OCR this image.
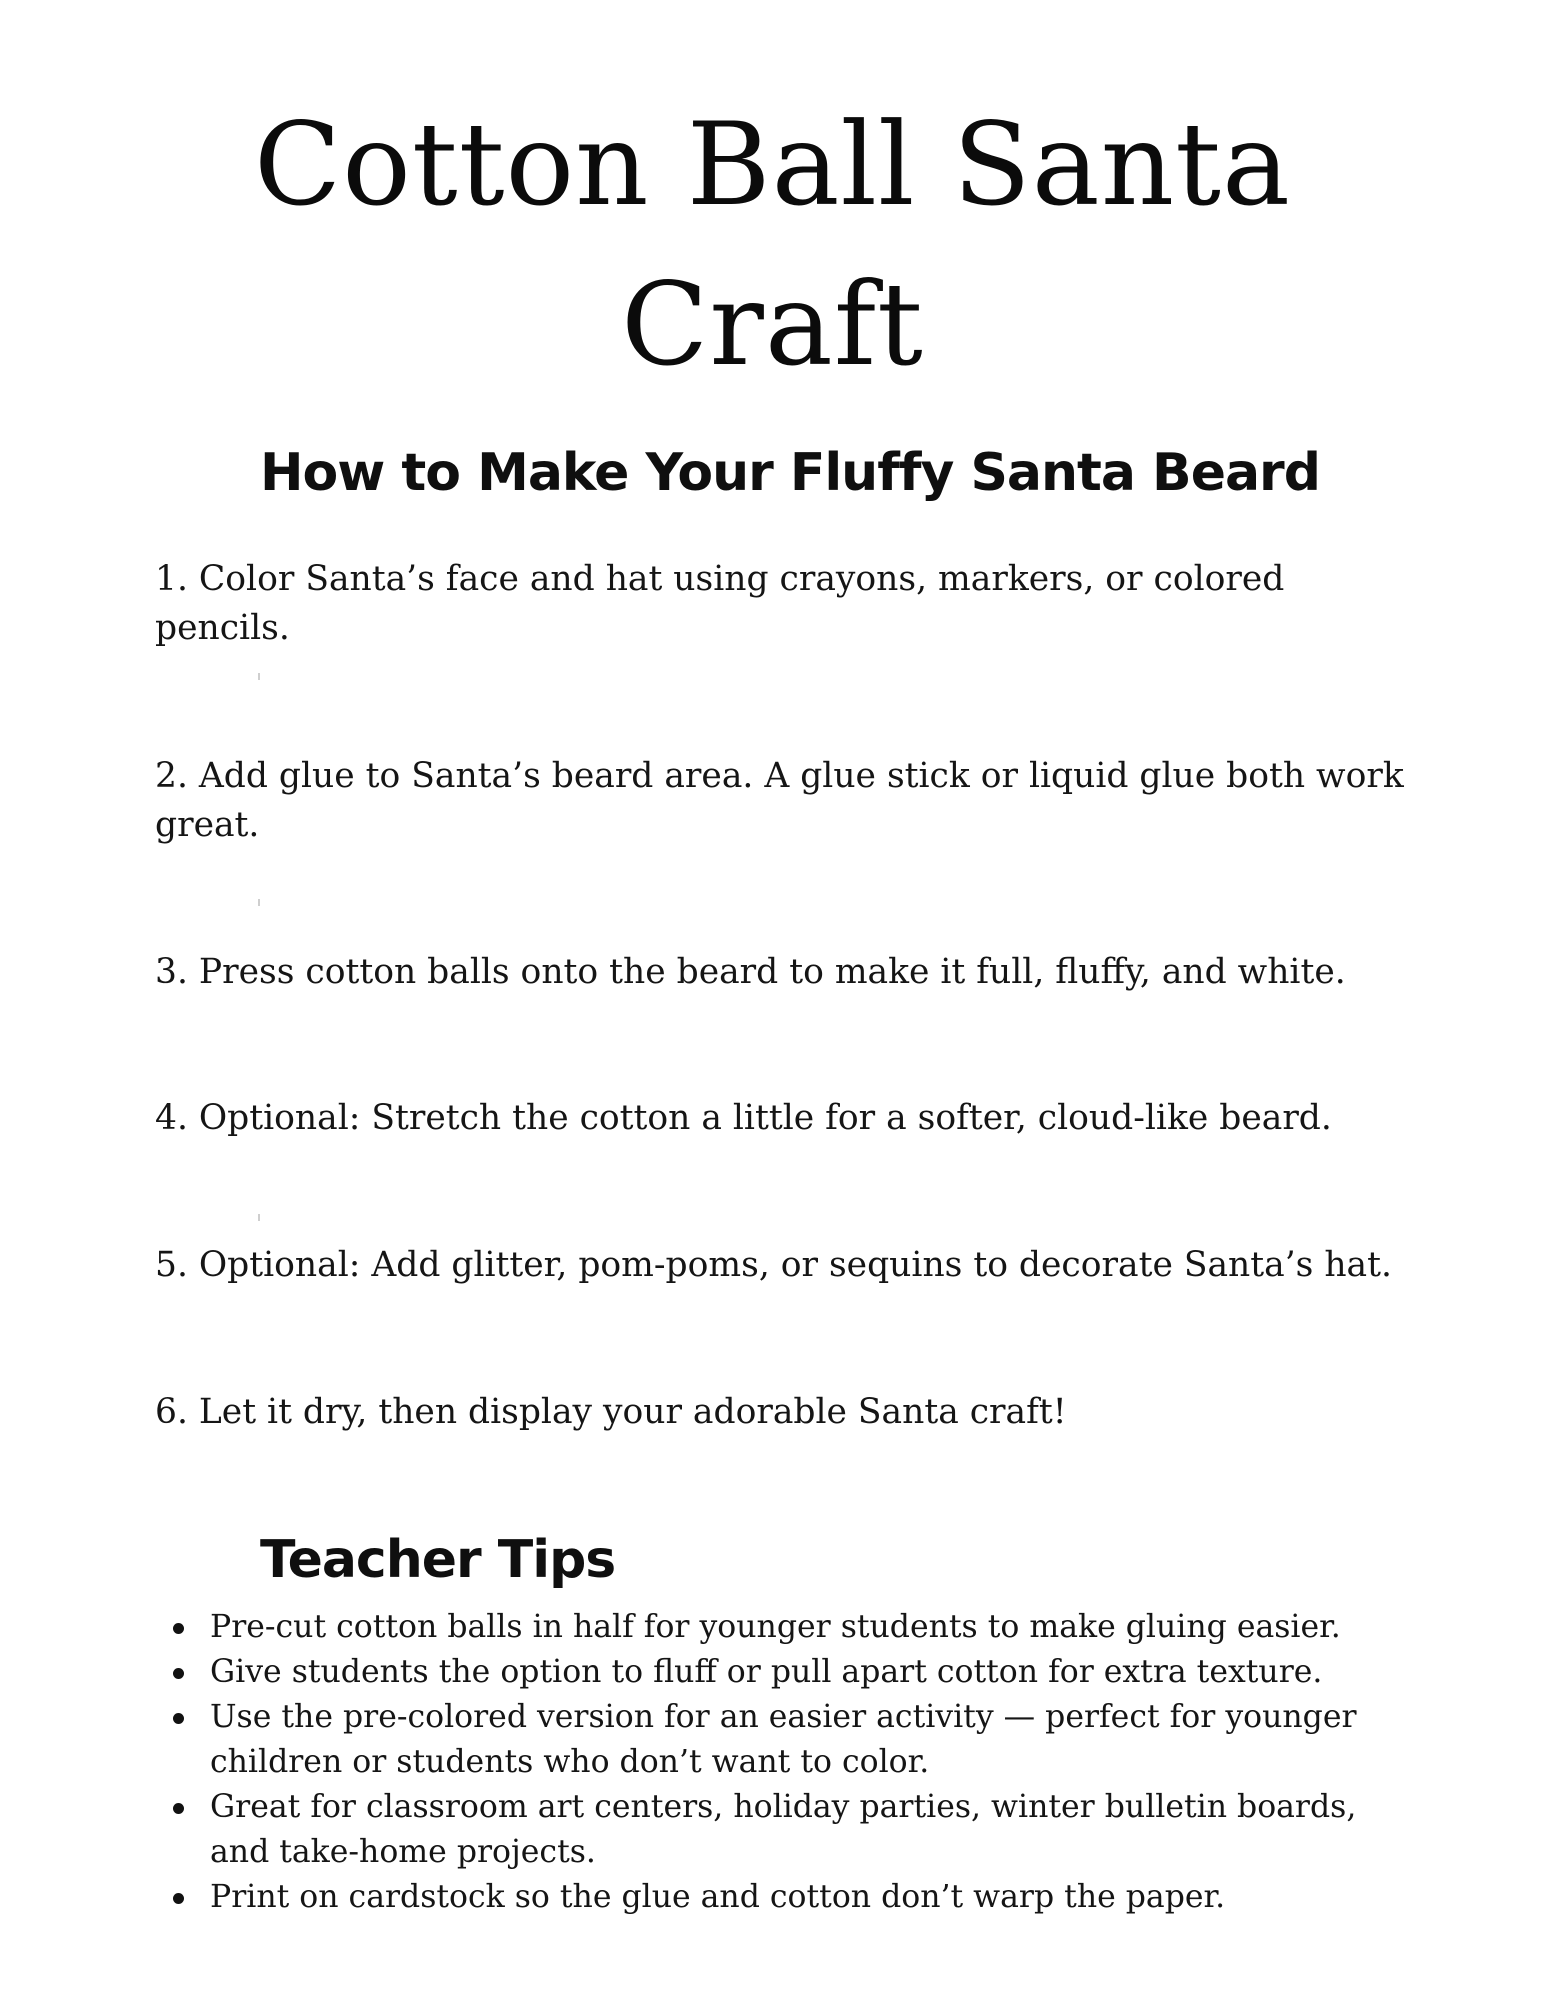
Cotton Ball Santa
Craft
How to Make Your Fluffy Santa Beard

1. Color Santa’s face and hat using crayons, markers, or colored pencils.

2. Add glue to Santa’s beard area. A glue stick or liquid glue both work great.

3. Press cotton balls onto the beard to make it full, fluffy, and white.

4. Optional: Stretch the cotton a little for a softer, cloud-like beard.

5. Optional: Add glitter, pom-poms, or sequins to decorate Santa’s hat.

6. Let it dry, then display your adorable Santa craft!

Teacher Tips
Pre-cut cotton balls in half for younger students to make gluing easier.
Give students the option to fluff or pull apart cotton for extra texture.
Use the pre-colored version for an easier activity — perfect for younger children or students who don’t want to color.
Great for classroom art centers, holiday parties, winter bulletin boards, and take-home projects.
Print on cardstock so the glue and cotton don’t warp the paper.
